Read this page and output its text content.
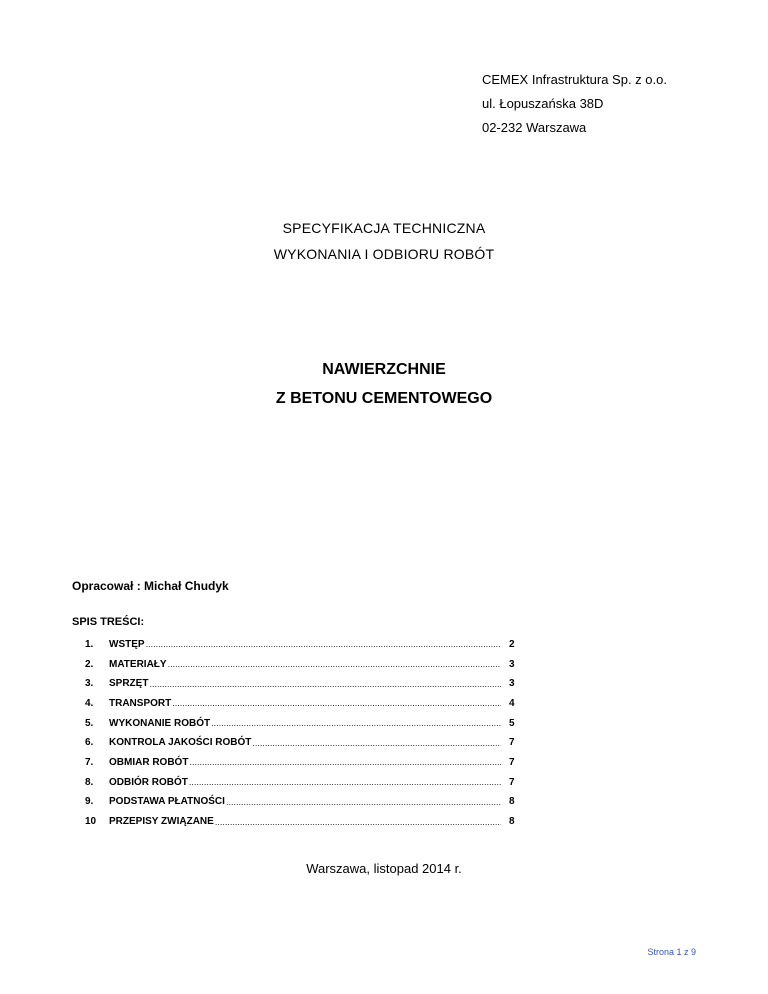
CEMEX Infrastruktura Sp. z o.o.
ul. Łopuszańska 38D
02-232 Warszawa
SPECYFIKACJA TECHNICZNA
WYKONANIA I ODBIORU ROBÓT
NAWIERZCHNIE
Z BETONU CEMENTOWEGO
Opracował : Michał Chudyk
SPIS TREŚCI:
1.	WSTĘP .....	2
2.	MATERIAŁY .....	3
3.	SPRZĘT .....	3
4.	TRANSPORT .....	4
5.	WYKONANIE ROBÓT .....	5
6.	KONTROLA JAKOŚCI ROBÓT .....	7
7.	OBMIAR ROBÓT .....	7
8.	ODBIÓR ROBÓT .....	7
9.	PODSTAWA PŁATNOŚCI .....	8
10	PRZEPISY ZWIĄZANE .....	8
Warszawa, listopad 2014 r.
Strona 1 z 9
